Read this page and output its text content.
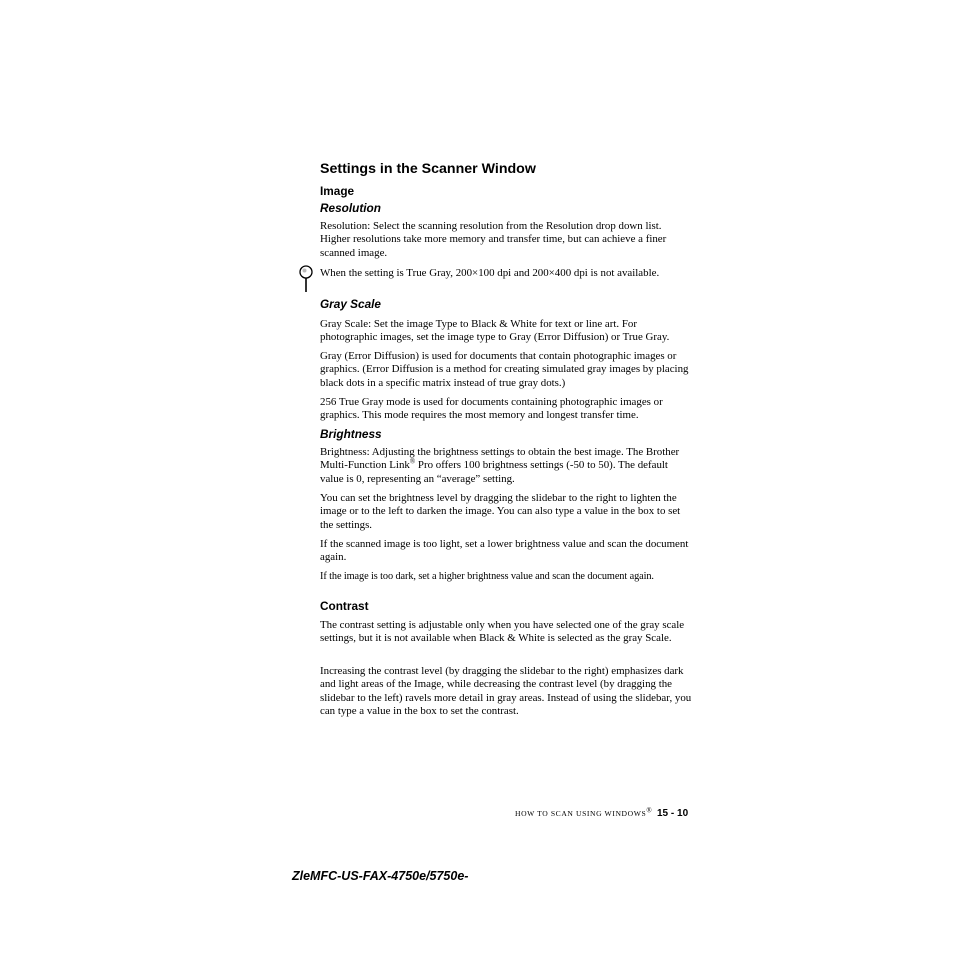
Settings in the Scanner Window
Image
Resolution

Resolution: Select the scanning resolution from the Resolution drop down list. Higher resolutions take more memory and transfer time, but can achieve a finer scanned image.

When the setting is True Gray, 200×100 dpi and 200×400 dpi is not available.

Gray Scale

Gray Scale: Set the image Type to Black & White for text or line art. For photographic images, set the image type to Gray (Error Diffusion) or True Gray.

Gray (Error Diffusion) is used for documents that contain photographic images or graphics. (Error Diffusion is a method for creating simulated gray images by placing black dots in a specific matrix instead of true gray dots.)

256 True Gray mode is used for documents containing photographic images or graphics. This mode requires the most memory and longest transfer time.

Brightness

Brightness: Adjusting the brightness settings to obtain the best image. The Brother Multi-Function Link® Pro offers 100 brightness settings (-50 to 50). The default value is 0, representing an “average” setting.

You can set the brightness level by dragging the slidebar to the right to lighten the image or to the left to darken the image. You can also type a value in the box to set the settings.

If the scanned image is too light, set a lower brightness value and scan the document again.

If the image is too dark, set a higher brightness value and scan the document again.

Contrast

The contrast setting is adjustable only when you have selected one of the gray scale settings, but it is not available when Black & White is selected as the gray Scale.

Increasing the contrast level (by dragging the slidebar to the right) emphasizes dark and light areas of the Image, while decreasing the contrast level (by dragging the slidebar to the left) ravels more detail in gray areas. Instead of using the slidebar, you can type a value in the box to set the contrast.

HOW TO SCAN USING WINDOWS® 15 - 10
ZleMFC-US-FAX-4750e/5750e-
